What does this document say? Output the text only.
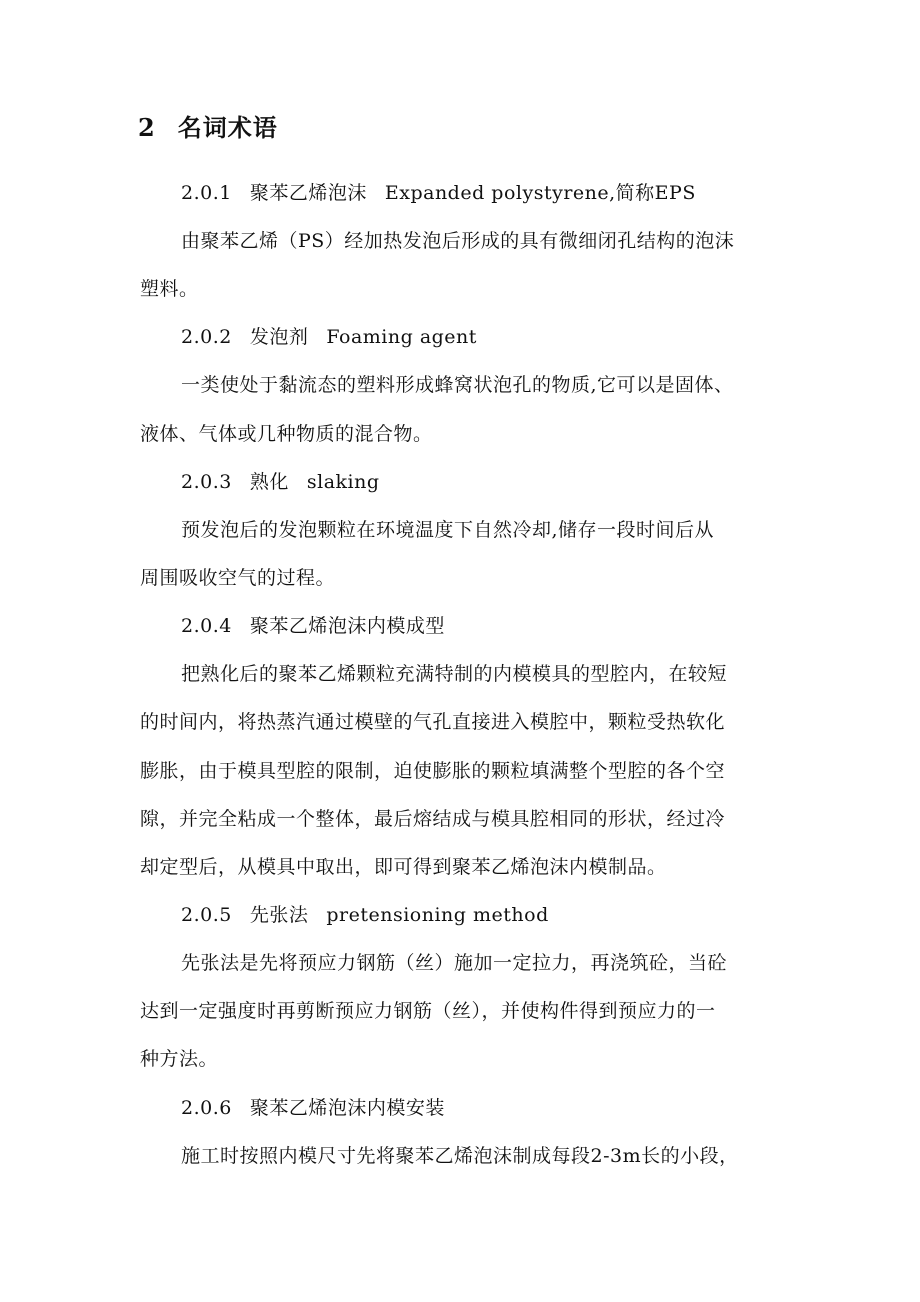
2 名词术语
2.0.1 聚苯乙烯泡沫 Expanded polystyrene,简称EPS
由聚苯乙烯（PS）经加热发泡后形成的具有微细闭孔结构的泡沫
塑料。
2.0.2 发泡剂 Foaming agent
一类使处于黏流态的塑料形成蜂窝状泡孔的物质,它可以是固体、
液体、气体或几种物质的混合物。
2.0.3 熟化 slaking
预发泡后的发泡颗粒在环境温度下自然冷却,储存一段时间后从
周围吸收空气的过程。
2.0.4 聚苯乙烯泡沫内模成型
把熟化后的聚苯乙烯颗粒充满特制的内模模具的型腔内，在较短
的时间内，将热蒸汽通过模壁的气孔直接进入模腔中，颗粒受热软化
膨胀，由于模具型腔的限制，迫使膨胀的颗粒填满整个型腔的各个空
隙，并完全粘成一个整体，最后熔结成与模具腔相同的形状，经过冷
却定型后，从模具中取出，即可得到聚苯乙烯泡沫内模制品。
2.0.5 先张法 pretensioning method
先张法是先将预应力钢筋（丝）施加一定拉力，再浇筑砼，当砼
达到一定强度时再剪断预应力钢筋（丝），并使构件得到预应力的一
种方法。
2.0.6 聚苯乙烯泡沫内模安装
施工时按照内模尺寸先将聚苯乙烯泡沫制成每段2-3m长的小段，
